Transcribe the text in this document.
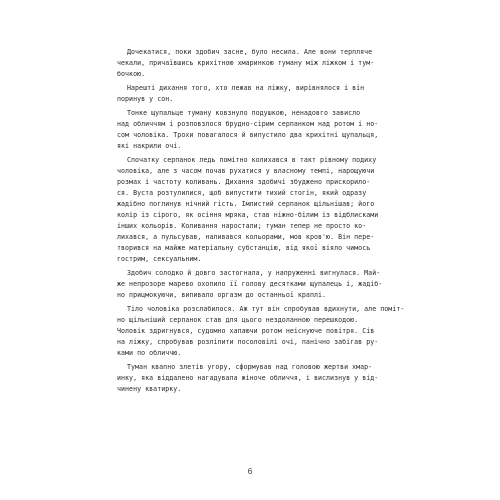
Дочекатися, поки здобич засне, було несила. Але вони терпляче
чекали, причаївшись крихітною хмаринкою туману між ліжком і тум-
бочкою.
Нарешті дихання того, хто лежав на ліжку, вирівнялося і він
поринув у сон.
Тонке щупальце туману ковзнуло подушкою, ненадовго зависло
над обличчям і розповзлося брудно-сірим серпанком над ротом і но-
сом чоловіка. Трохи повагалося й випустило два крихітні щупальця,
які накрили очі.
Спочатку серпанок ледь помітно колихався в такт рівному подиху
чоловіка, але з часом почав рухатися у власному темпі, нарощуючи
розмах і частоту коливань. Дихання здобичі збуджено прискорило-
ся. Вуста розтулилися, щоб випустити тихий стогін, який одразу
жадібно поглинув нічний гість. Імлистий серпанок щільнішав; його
колір із сірого, як осіння мряка, став ніжно-білим із відблисками
інших кольорів. Коливання наростали; туман тепер не просто ко-
лихався, а пульсував, наливався кольорами, мов кров'ю. Він пере-
творився на майже матеріальну субстанцію, від якої віяло чимось
гострим, сексуальним.
Здобич солодко й довго застогнала, у напруженні вигнулася. Май-
же непрозоре марево охопило її голову десятками щупалець і, жадіб-
но прицмокуючи, випивало оргазм до останньої краплі.
Тіло чоловіка розслабилося. Аж тут він спробував вдихнути, але поміт-
но щільніший серпанок став для цього нездоланною перешкодою.
Чоловік здригнувся, судомно хапаючи ротом неіснуюче повітря. Сів
на ліжку, спробував розліпити посоловілі очі, панічно забігав ру-
ками по обличчю.
Туман квапно злетів угору, сформував над головою жертви хмар-
инку, яка віддалено нагадувала жіноче обличчя, і вислизнув у від-
чинену кватирку.
6
